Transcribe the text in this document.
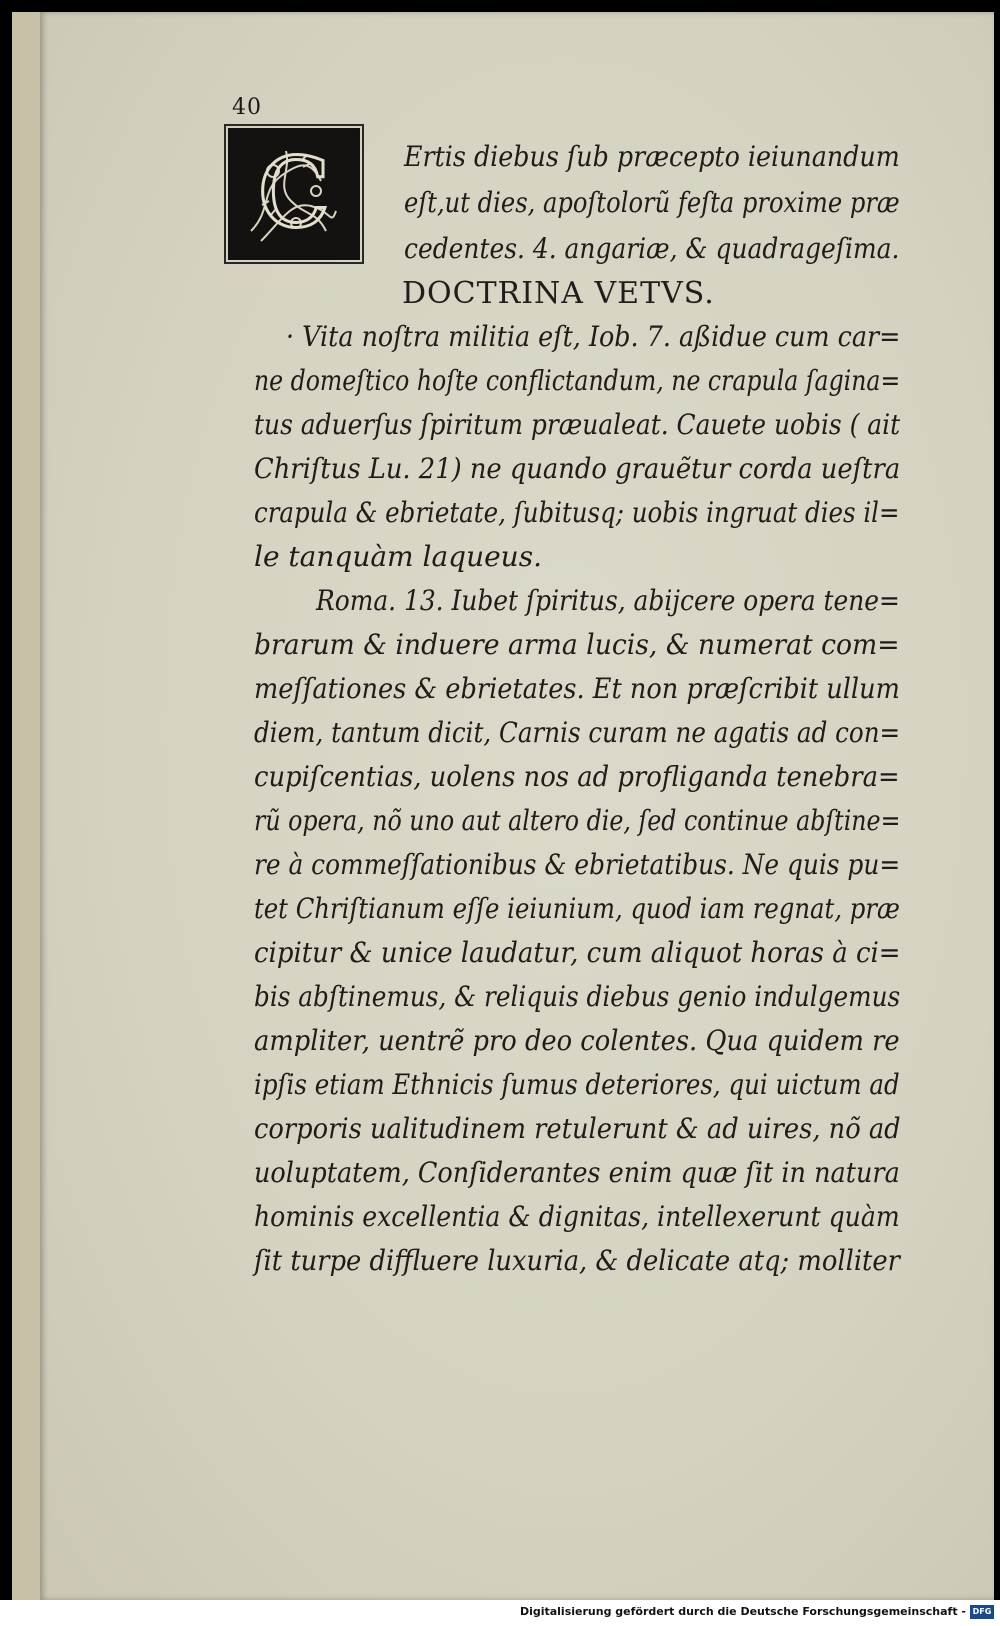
40
C	Ertis diebus ſub præcepto ieiunandum
eſt,ut dies, apoſtolorũ feſta proxime præ
cedentes. 4. angariæ, & quadrageſima.
DOCTRINA VETVS.
· Vita noſtra militia eſt, Iob. 7. aßidue cum car=
ne domeſtico hoſte conflictandum, ne crapula ſagina=
tus aduerſus ſpiritum præualeat. Cauete uobis ( ait
Chriſtus Lu. 21) ne quando grauẽtur corda ueſtra
crapula & ebrietate, ſubitusq; uobis ingruat dies il=
le tanquàm laqueus.
Roma. 13. Iubet ſpiritus, abijcere opera tene=
brarum & induere arma lucis, & numerat com=
meſſationes & ebrietates. Et non præſcribit ullum
diem, tantum dicit, Carnis curam ne agatis ad con=
cupiſcentias, uolens nos ad profliganda tenebra=
rũ opera, nõ uno aut altero die, ſed continue abſtine=
re à commeſſationibus & ebrietatibus. Ne quis pu=
tet Chriſtianum eſſe ieiunium, quod iam regnat, præ
cipitur & unice laudatur, cum aliquot horas à ci=
bis abſtinemus, & reliquis diebus genio indulgemus
ampliter, uentrẽ pro deo colentes. Qua quidem re
ipſis etiam Ethnicis ſumus deteriores, qui uictum ad
corporis ualitudinem retulerunt & ad uires, nõ ad
uoluptatem, Conſiderantes enim quæ ſit in natura
hominis excellentia & dignitas, intellexerunt quàm
ſit turpe diffluere luxuria, & delicate atq; molliter
Digitalisierung gefördert durch die Deutsche Forschungsgemeinschaft - DFG
